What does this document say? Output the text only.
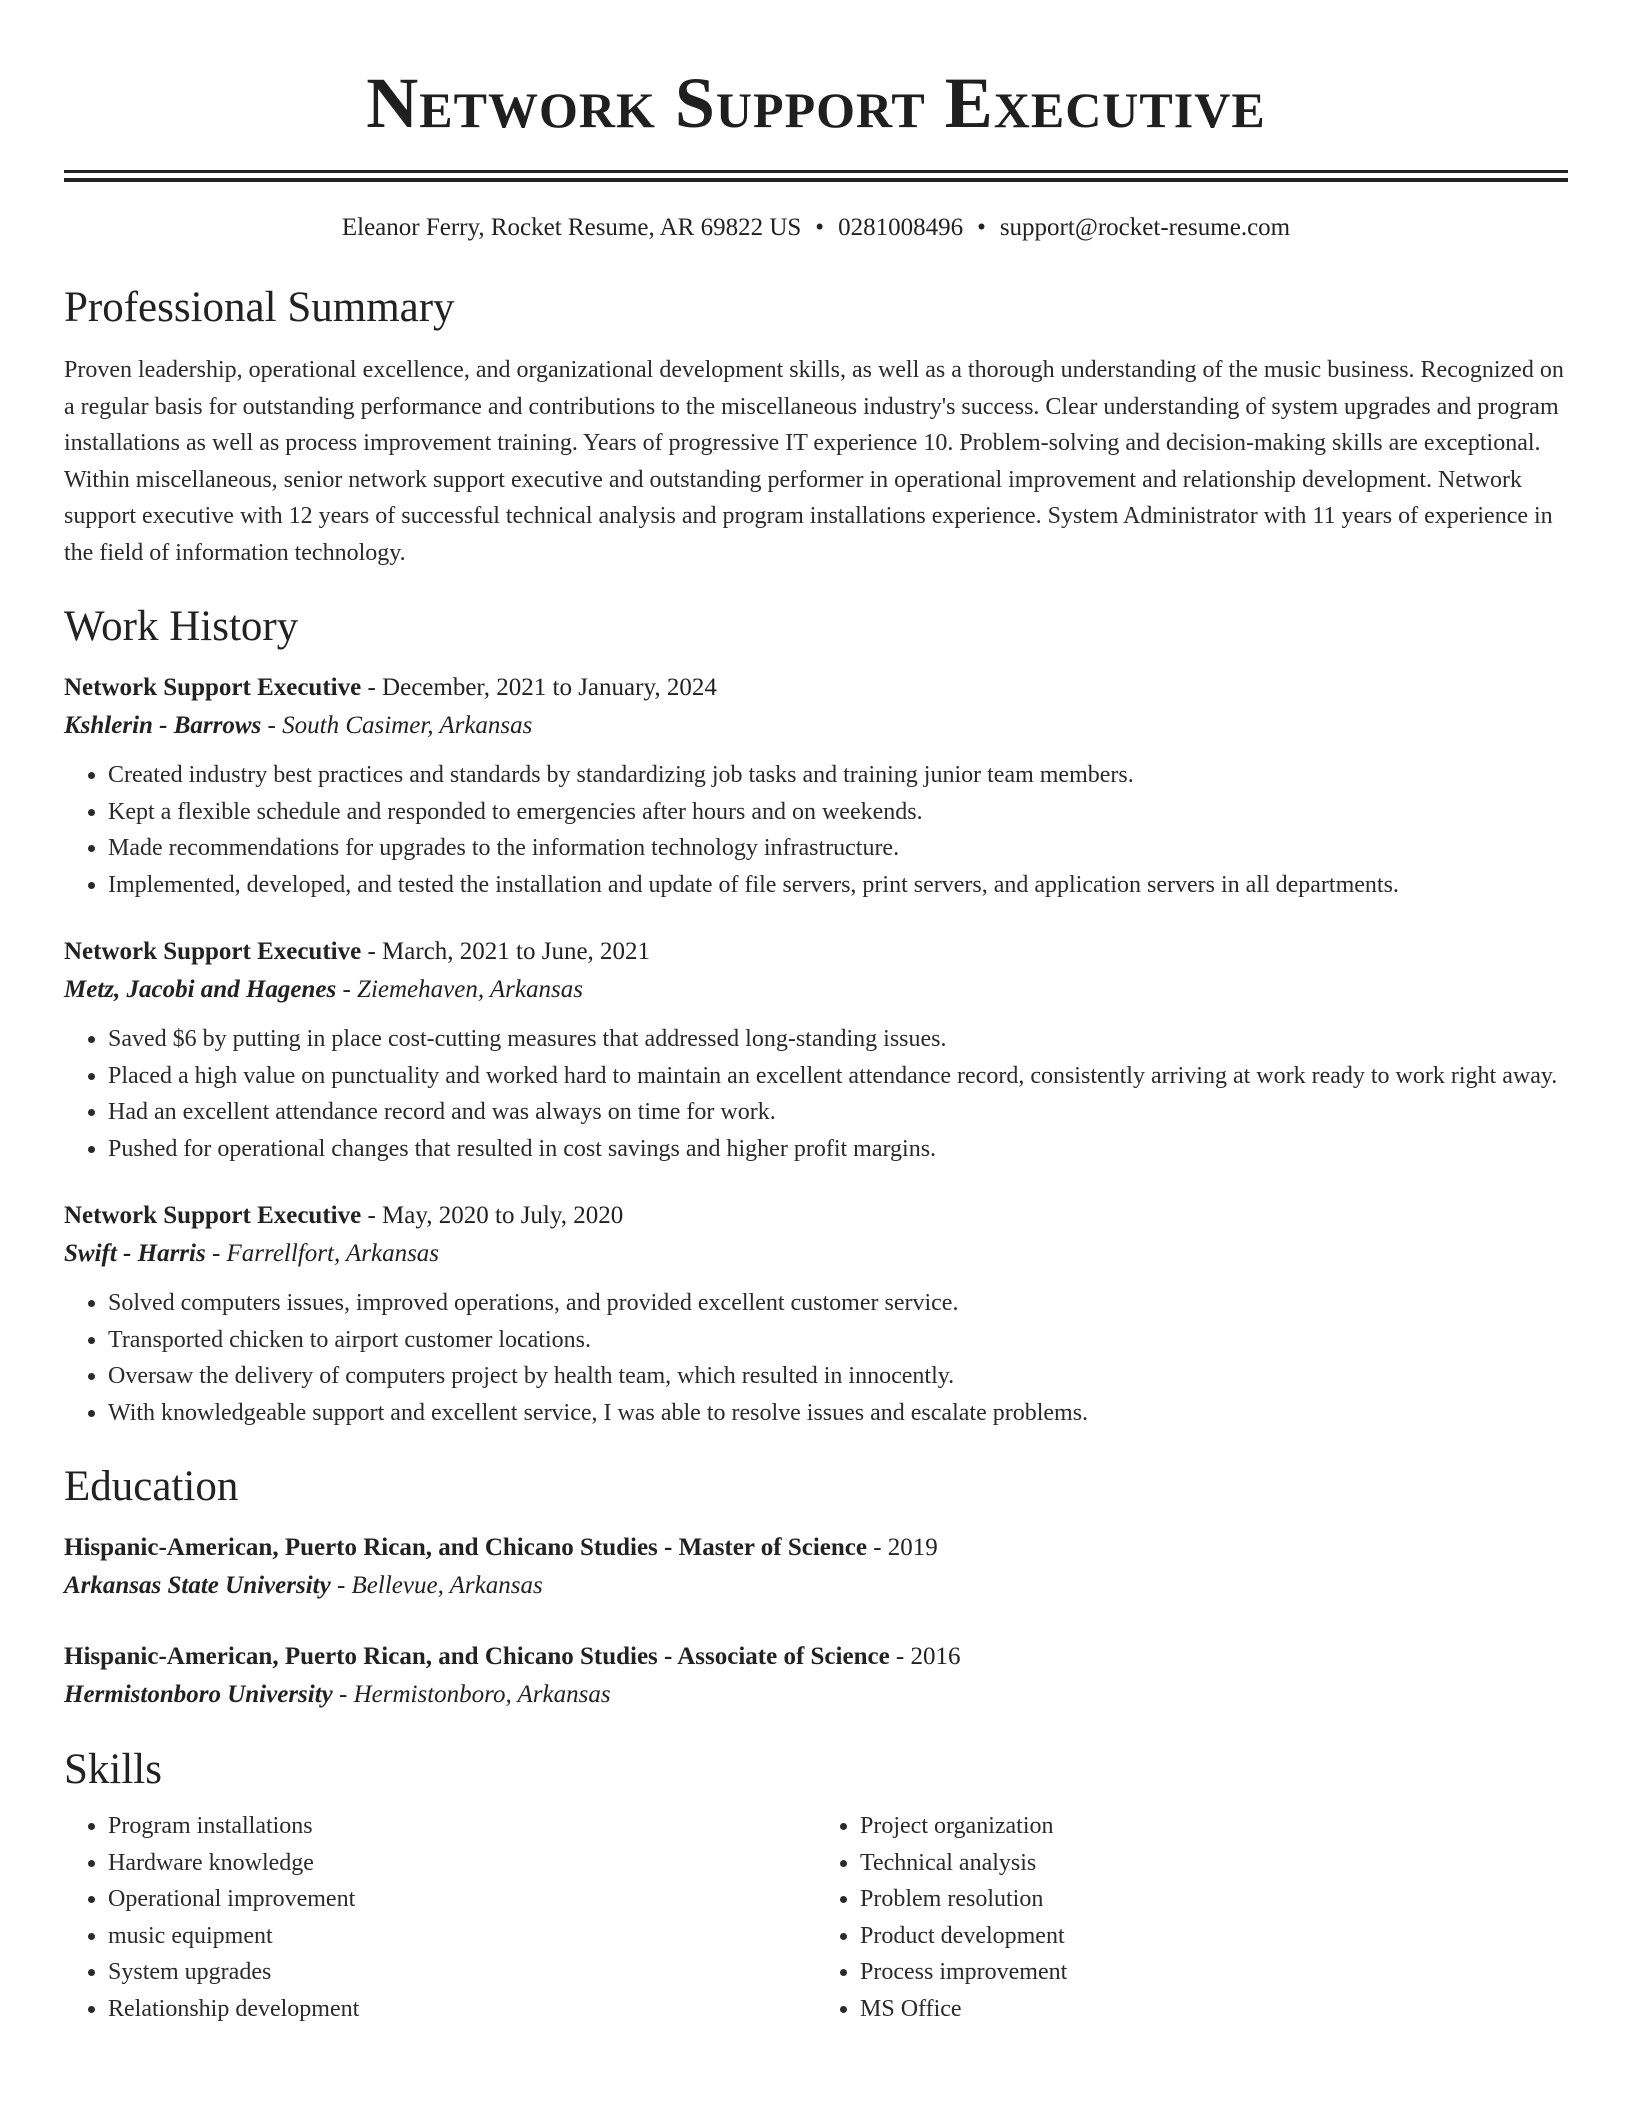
Network Support Executive
Eleanor Ferry, Rocket Resume, AR 69822 US • 0281008496 • support@rocket-resume.com
Professional Summary
Proven leadership, operational excellence, and organizational development skills, as well as a thorough understanding of the music business. Recognized on a regular basis for outstanding performance and contributions to the miscellaneous industry's success. Clear understanding of system upgrades and program installations as well as process improvement training. Years of progressive IT experience 10. Problem-solving and decision-making skills are exceptional. Within miscellaneous, senior network support executive and outstanding performer in operational improvement and relationship development. Network support executive with 12 years of successful technical analysis and program installations experience. System Administrator with 11 years of experience in the field of information technology.
Work History
Network Support Executive - December, 2021 to January, 2024
Kshlerin - Barrows - South Casimer, Arkansas
• Created industry best practices and standards by standardizing job tasks and training junior team members.
• Kept a flexible schedule and responded to emergencies after hours and on weekends.
• Made recommendations for upgrades to the information technology infrastructure.
• Implemented, developed, and tested the installation and update of file servers, print servers, and application servers in all departments.
Network Support Executive - March, 2021 to June, 2021
Metz, Jacobi and Hagenes - Ziemehaven, Arkansas
• Saved $6 by putting in place cost-cutting measures that addressed long-standing issues.
• Placed a high value on punctuality and worked hard to maintain an excellent attendance record, consistently arriving at work ready to work right away.
• Had an excellent attendance record and was always on time for work.
• Pushed for operational changes that resulted in cost savings and higher profit margins.
Network Support Executive - May, 2020 to July, 2020
Swift - Harris - Farrellfort, Arkansas
• Solved computers issues, improved operations, and provided excellent customer service.
• Transported chicken to airport customer locations.
• Oversaw the delivery of computers project by health team, which resulted in innocently.
• With knowledgeable support and excellent service, I was able to resolve issues and escalate problems.
Education
Hispanic-American, Puerto Rican, and Chicano Studies - Master of Science - 2019
Arkansas State University - Bellevue, Arkansas
Hispanic-American, Puerto Rican, and Chicano Studies - Associate of Science - 2016
Hermistonboro University - Hermistonboro, Arkansas
Skills
• Program installations
• Hardware knowledge
• Operational improvement
• music equipment
• System upgrades
• Relationship development
• Project organization
• Technical analysis
• Problem resolution
• Product development
• Process improvement
• MS Office
